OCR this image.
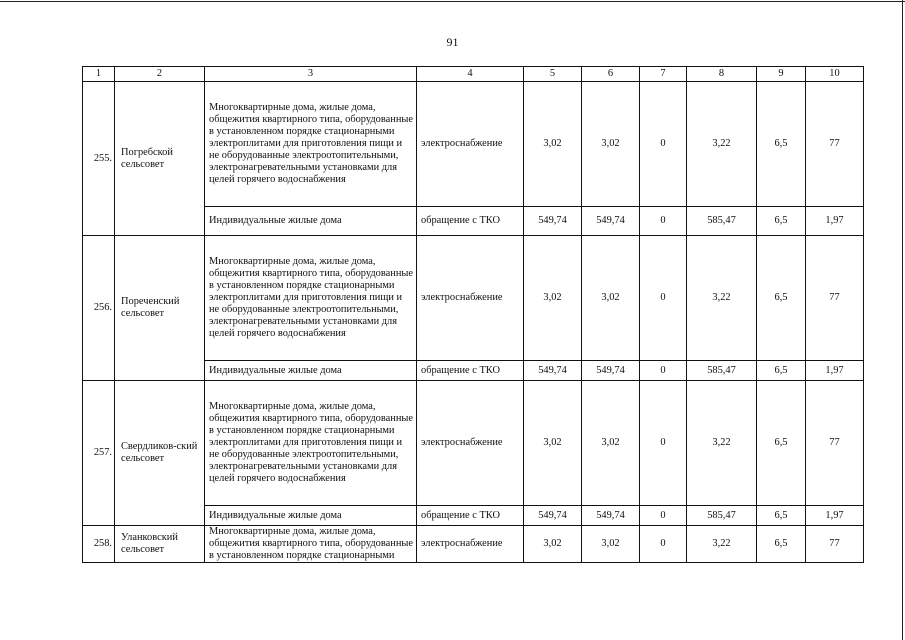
91
1	2	3	4	5	6	7	8	9	10
255.	Погребской сельсовет	Многоквартирные дома, жилые дома, общежития квартирного типа, оборудованные в установленном порядке стационарными электроплитами для приготовления пищи и не оборудованные электроотопительными, электронагревательными установками для целей горячего водоснабжения	электроснабжение	3,02	3,02	0	3,22	6,5	77
		Индивидуальные жилые дома	обращение с ТКО	549,74	549,74	0	585,47	6,5	1,97
256.	Пореченский сельсовет	Многоквартирные дома, жилые дома, общежития квартирного типа, оборудованные в установленном порядке стационарными электроплитами для приготовления пищи и не оборудованные электроотопительными, электронагревательными установками для целей горячего водоснабжения	электроснабжение	3,02	3,02	0	3,22	6,5	77
		Индивидуальные жилые дома	обращение с ТКО	549,74	549,74	0	585,47	6,5	1,97
257.	Свердликов-ский сельсовет	Многоквартирные дома, жилые дома, общежития квартирного типа, оборудованные в установленном порядке стационарными электроплитами для приготовления пищи и не оборудованные электроотопительными, электронагревательными установками для целей горячего водоснабжения	электроснабжение	3,02	3,02	0	3,22	6,5	77
		Индивидуальные жилые дома	обращение с ТКО	549,74	549,74	0	585,47	6,5	1,97
258.	Уланковский сельсовет	Многоквартирные дома, жилые дома, общежития квартирного типа, оборудованные в установленном порядке стационарными	электроснабжение	3,02	3,02	0	3,22	6,5	77
